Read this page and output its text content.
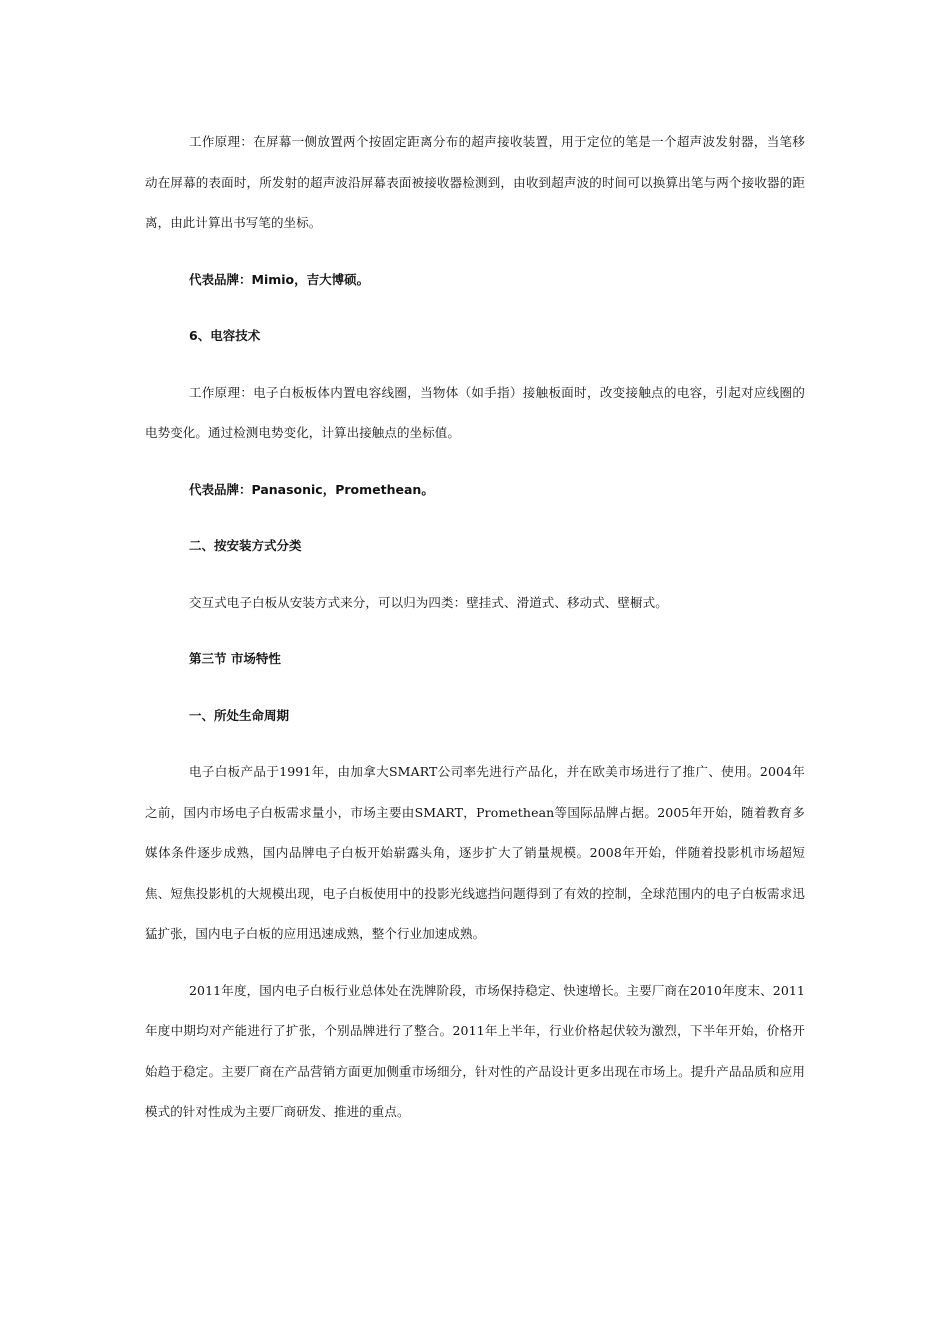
工作原理：在屏幕一侧放置两个按固定距离分布的超声接收装置，用于定位的笔是一个超声波发射器，当笔移动在屏幕的表面时，所发射的超声波沿屏幕表面被接收器检测到，由收到超声波的时间可以换算出笔与两个接收器的距离，由此计算出书写笔的坐标。

代表品牌：Mimio，吉大博硕。

6、电容技术

工作原理：电子白板板体内置电容线圈，当物体（如手指）接触板面时，改变接触点的电容，引起对应线圈的电势变化。通过检测电势变化，计算出接触点的坐标值。

代表品牌：Panasonic，Promethean。

二、按安装方式分类

交互式电子白板从安装方式来分，可以归为四类：壁挂式、滑道式、移动式、壁橱式。

第三节 市场特性

一、所处生命周期

电子白板产品于1991年，由加拿大SMART公司率先进行产品化，并在欧美市场进行了推广、使用。2004年之前，国内市场电子白板需求量小，市场主要由SMART，Promethean等国际品牌占据。2005年开始，随着教育多媒体条件逐步成熟，国内品牌电子白板开始崭露头角，逐步扩大了销量规模。2008年开始，伴随着投影机市场超短焦、短焦投影机的大规模出现，电子白板使用中的投影光线遮挡问题得到了有效的控制，全球范围内的电子白板需求迅猛扩张，国内电子白板的应用迅速成熟，整个行业加速成熟。

2011年度，国内电子白板行业总体处在洗牌阶段，市场保持稳定、快速增长。主要厂商在2010年度末、2011年度中期均对产能进行了扩张，个别品牌进行了整合。2011年上半年，行业价格起伏较为激烈，下半年开始，价格开始趋于稳定。主要厂商在产品营销方面更加侧重市场细分，针对性的产品设计更多出现在市场上。提升产品品质和应用模式的针对性成为主要厂商研发、推进的重点。
